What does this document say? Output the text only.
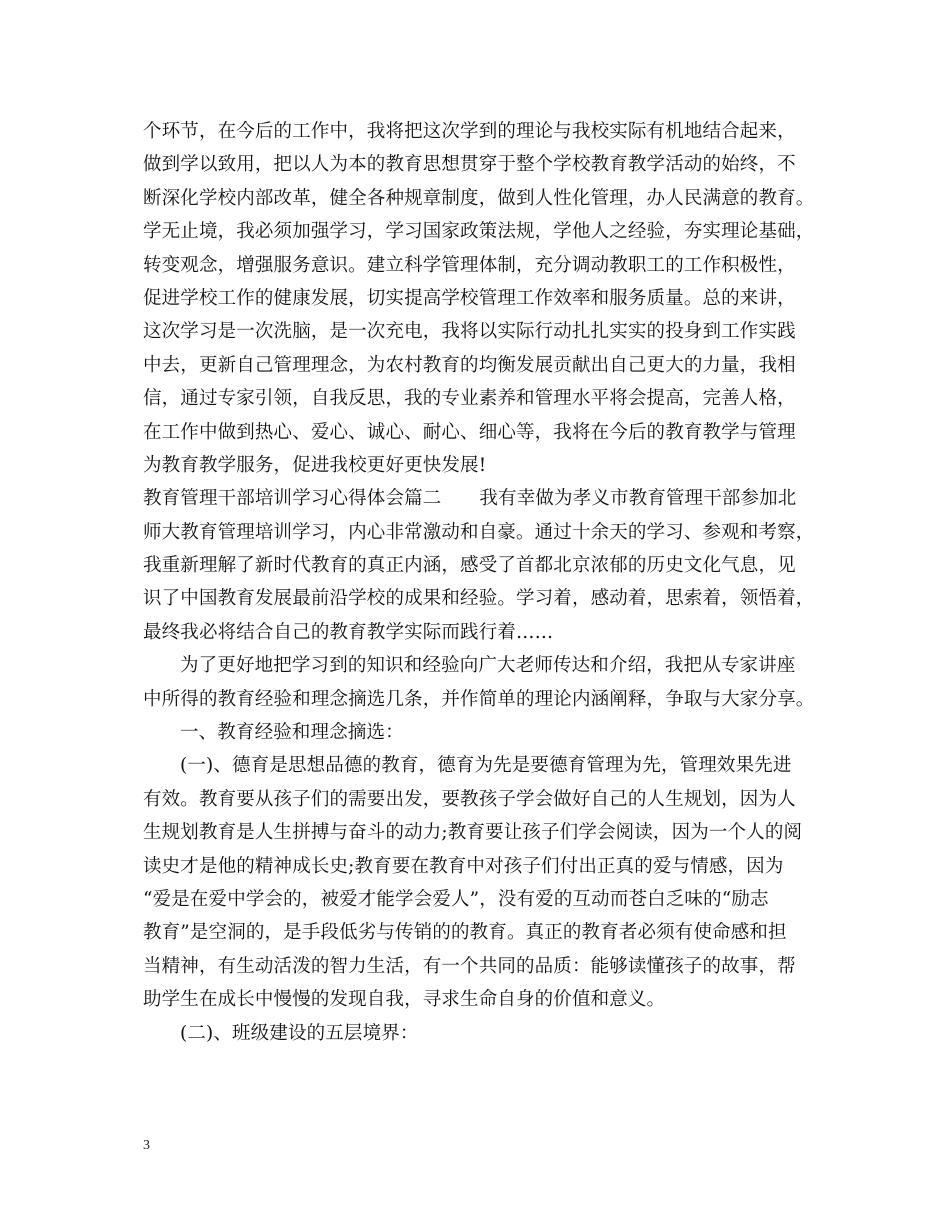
个环节，在今后的工作中，我将把这次学到的理论与我校实际有机地结合起来，
做到学以致用，把以人为本的教育思想贯穿于整个学校教育教学活动的始终，不
断深化学校内部改革，健全各种规章制度，做到人性化管理，办人民满意的教育。
学无止境，我必须加强学习，学习国家政策法规，学他人之经验，夯实理论基础，
转变观念，增强服务意识。建立科学管理体制，充分调动教职工的工作积极性，
促进学校工作的健康发展，切实提高学校管理工作效率和服务质量。总的来讲，
这次学习是一次洗脑，是一次充电，我将以实际行动扎扎实实的投身到工作实践
中去，更新自己管理理念，为农村教育的均衡发展贡献出自己更大的力量，我相
信，通过专家引领，自我反思，我的专业素养和管理水平将会提高，完善人格，
在工作中做到热心、爱心、诚心、耐心、细心等，我将在今后的教育教学与管理
为教育教学服务，促进我校更好更快发展!
教育管理干部培训学习心得体会篇二 我有幸做为孝义市教育管理干部参加北
师大教育管理培训学习，内心非常激动和自豪。通过十余天的学习、参观和考察，
我重新理解了新时代教育的真正内涵，感受了首都北京浓郁的历史文化气息，见
识了中国教育发展最前沿学校的成果和经验。学习着，感动着，思索着，领悟着，
最终我必将结合自己的教育教学实际而践行着……
为了更好地把学习到的知识和经验向广大老师传达和介绍，我把从专家讲座
中所得的教育经验和理念摘选几条，并作简单的理论内涵阐释，争取与大家分享。
一、教育经验和理念摘选：
(一)、德育是思想品德的教育，德育为先是要德育管理为先，管理效果先进
有效。教育要从孩子们的需要出发，要教孩子学会做好自己的人生规划，因为人
生规划教育是人生拼搏与奋斗的动力;教育要让孩子们学会阅读，因为一个人的阅
读史才是他的精神成长史;教育要在教育中对孩子们付出正真的爱与情感，因为
“爱是在爱中学会的，被爱才能学会爱人”，没有爱的互动而苍白乏味的“励志
教育”是空洞的，是手段低劣与传销的的教育。真正的教育者必须有使命感和担
当精神，有生动活泼的智力生活，有一个共同的品质：能够读懂孩子的故事，帮
助学生在成长中慢慢的发现自我，寻求生命自身的价值和意义。
(二)、班级建设的五层境界：
3
